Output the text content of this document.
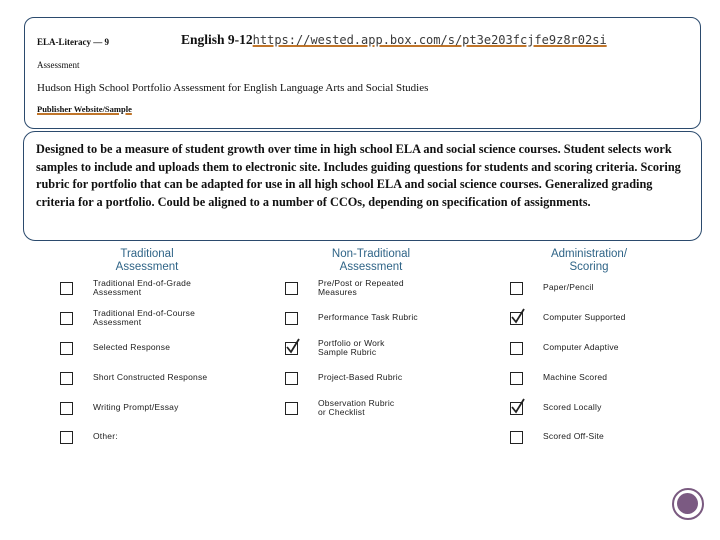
ELA-Literacy — 9	English 9-12https://wested.app.box.com/s/pt3e203fcjfe9z8r02si
Assessment
Hudson High School Portfolio Assessment for English Language Arts and Social Studies
Publisher Website/Sample
Designed to be a measure of student growth over time in high school ELA and social science courses. Student selects work samples to include and uploads them to electronic site. Includes guiding questions for students and scoring criteria. Scoring rubric for portfolio that can be adapted for use in all high school ELA and social science courses. Generalized grading criteria for a portfolio. Could be aligned to a number of CCOs, depending on specification of assignments.
Traditional
Assessment
Non-Traditional
Assessment
Administration/
Scoring
Traditional End-of-Grade
Assessment
Traditional End-of-Course
Assessment
Selected Response
Short Constructed Response
Writing Prompt/Essay
Other:
Pre/Post or Repeated
Measures
Performance Task Rubric
Portfolio or Work
Sample Rubric
Project-Based Rubric
Observation Rubric
or Checklist
Paper/Pencil
Computer Supported
Computer Adaptive
Machine Scored
Scored Locally
Scored Off-Site
